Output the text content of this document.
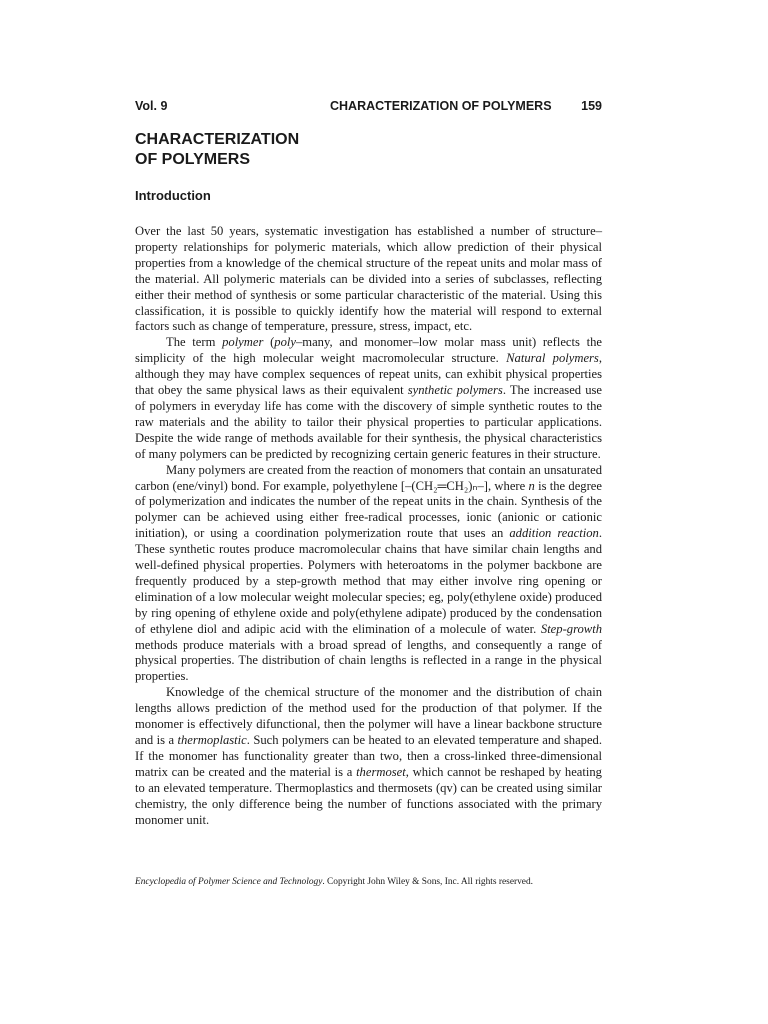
Vol. 9	CHARACTERIZATION OF POLYMERS 159
CHARACTERIZATION
OF POLYMERS
Introduction

Over the last 50 years, systematic investigation has established a number of structure–property relationships for polymeric materials, which allow prediction of their physical properties from a knowledge of the chemical structure of the repeat units and molar mass of the material. All polymeric materials can be divided into a series of subclasses, reflecting either their method of synthesis or some particular characteristic of the material. Using this classification, it is possible to quickly identify how the material will respond to external factors such as change of temperature, pressure, stress, impact, etc.

The term polymer (poly–many, and monomer–low molar mass unit) reflects the simplicity of the high molecular weight macromolecular structure. Natural polymers, although they may have complex sequences of repeat units, can exhibit physical properties that obey the same physical laws as their equivalent synthetic polymers. The increased use of polymers in everyday life has come with the discovery of simple synthetic routes to the raw materials and the ability to tailor their physical properties to particular applications. Despite the wide range of methods available for their synthesis, the physical characteristics of many polymers can be predicted by recognizing certain generic features in their structure.

Many polymers are created from the reaction of monomers that contain an unsaturated carbon (ene/vinyl) bond. For example, polyethylene [–(CH₂═CH₂)ₙ–], where n is the degree of polymerization and indicates the number of the repeat units in the chain. Synthesis of the polymer can be achieved using either free-radical processes, ionic (anionic or cationic initiation), or using a coordination polymerization route that uses an addition reaction. These synthetic routes produce macromolecular chains that have similar chain lengths and well-defined physical properties. Polymers with heteroatoms in the polymer backbone are frequently produced by a step-growth method that may either involve ring opening or elimination of a low molecular weight molecular species; eg, poly(ethylene oxide) produced by ring opening of ethylene oxide and poly(ethylene adipate) produced by the condensation of ethylene diol and adipic acid with the elimination of a molecule of water. Step-growth methods produce materials with a broad spread of lengths, and consequently a range of physical properties. The distribution of chain lengths is reflected in a range in the physical properties.

Knowledge of the chemical structure of the monomer and the distribution of chain lengths allows prediction of the method used for the production of that polymer. If the monomer is effectively difunctional, then the polymer will have a linear backbone structure and is a thermoplastic. Such polymers can be heated to an elevated temperature and shaped. If the monomer has functionality greater than two, then a cross-linked three-dimensional matrix can be created and the material is a thermoset, which cannot be reshaped by heating to an elevated temperature. Thermoplastics and thermosets (qv) can be created using similar chemistry, the only difference being the number of functions associated with the primary monomer unit.

Encyclopedia of Polymer Science and Technology. Copyright John Wiley & Sons, Inc. All rights reserved.
